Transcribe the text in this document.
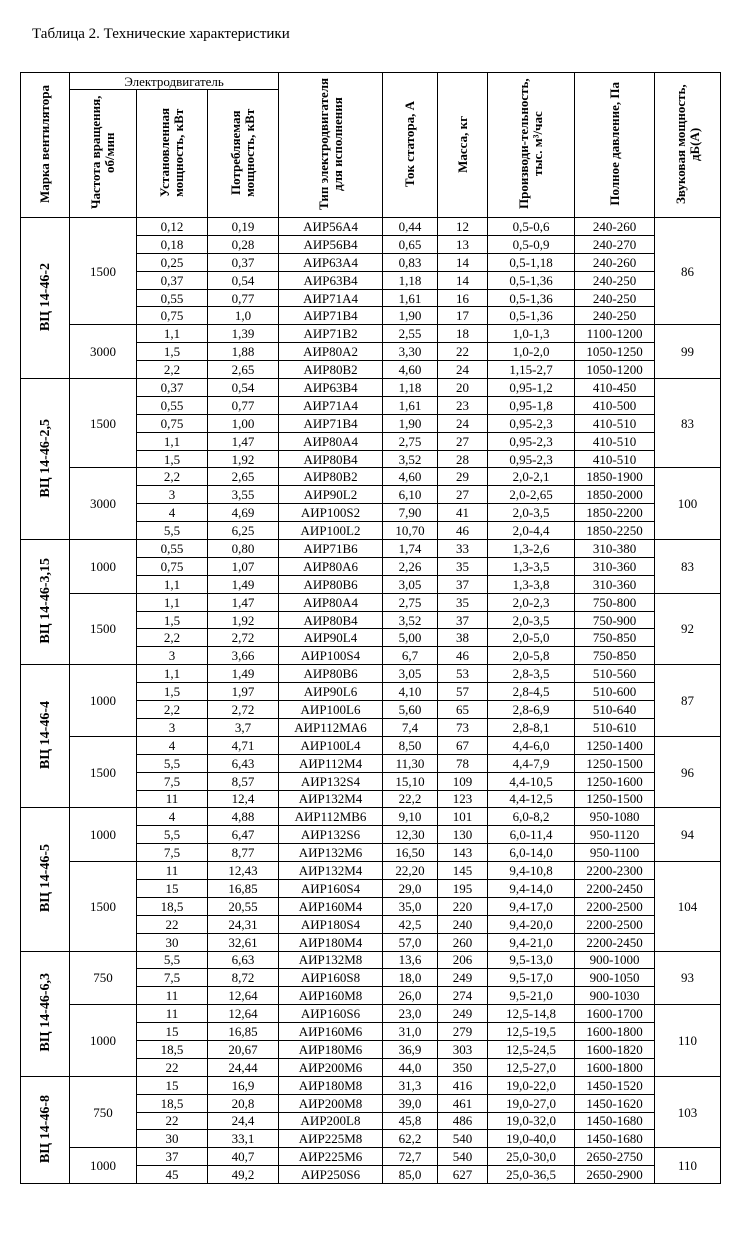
Таблица 2. Технические характеристики
Марка вентилятора	Электродвигатель			Тип электродвигателя для исполнения	Ток статора, А	Масса, кг	Производи-тельность, тыс. м³/час	Полное давление, Па	Звуковая мощность, дБ(А)
	Частота вращения, об/мин	Установленная мощность, кВт	Потребляемая мощность, кВт						
ВЦ 14-46-2	1500	0,12	0,19	АИР56А4	0,44	12	0,5-0,6	240-260	86
		0,18	0,28	АИР56В4	0,65	13	0,5-0,9	240-270	
		0,25	0,37	АИР63А4	0,83	14	0,5-1,18	240-260	
		0,37	0,54	АИР63В4	1,18	14	0,5-1,36	240-250	
		0,55	0,77	АИР71А4	1,61	16	0,5-1,36	240-250	
		0,75	1,0	АИР71В4	1,90	17	0,5-1,36	240-250	
	3000	1,1	1,39	АИР71В2	2,55	18	1,0-1,3	1100-1200	99
		1,5	1,88	АИР80А2	3,30	22	1,0-2,0	1050-1250	
		2,2	2,65	АИР80В2	4,60	24	1,15-2,7	1050-1200	
ВЦ 14-46-2,5	1500	0,37	0,54	АИР63В4	1,18	20	0,95-1,2	410-450	83
		0,55	0,77	АИР71А4	1,61	23	0,95-1,8	410-500	
		0,75	1,00	АИР71В4	1,90	24	0,95-2,3	410-510	
		1,1	1,47	АИР80А4	2,75	27	0,95-2,3	410-510	
		1,5	1,92	АИР80В4	3,52	28	0,95-2,3	410-510	
	3000	2,2	2,65	АИР80В2	4,60	29	2,0-2,1	1850-1900	100
		3	3,55	АИР90L2	6,10	27	2,0-2,65	1850-2000	
		4	4,69	АИР100S2	7,90	41	2,0-3,5	1850-2200	
		5,5	6,25	АИР100L2	10,70	46	2,0-4,4	1850-2250	
ВЦ 14-46-3,15	1000	0,55	0,80	АИР71В6	1,74	33	1,3-2,6	310-380	83
		0,75	1,07	АИР80А6	2,26	35	1,3-3,5	310-360	
		1,1	1,49	АИР80В6	3,05	37	1,3-3,8	310-360	
	1500	1,1	1,47	АИР80А4	2,75	35	2,0-2,3	750-800	92
		1,5	1,92	АИР80В4	3,52	37	2,0-3,5	750-900	
		2,2	2,72	АИР90L4	5,00	38	2,0-5,0	750-850	
		3	3,66	АИР100S4	6,7	46	2,0-5,8	750-850	
ВЦ 14-46-4	1000	1,1	1,49	АИР80В6	3,05	53	2,8-3,5	510-560	87
		1,5	1,97	АИР90L6	4,10	57	2,8-4,5	510-600	
		2,2	2,72	АИР100L6	5,60	65	2,8-6,9	510-640	
		3	3,7	АИР112МА6	7,4	73	2,8-8,1	510-610	
	1500	4	4,71	АИР100L4	8,50	67	4,4-6,0	1250-1400	96
		5,5	6,43	АИР112М4	11,30	78	4,4-7,9	1250-1500	
		7,5	8,57	АИР132S4	15,10	109	4,4-10,5	1250-1600	
		11	12,4	АИР132М4	22,2	123	4,4-12,5	1250-1500	
ВЦ 14-46-5	1000	4	4,88	АИР112МВ6	9,10	101	6,0-8,2	950-1080	94
		5,5	6,47	АИР132S6	12,30	130	6,0-11,4	950-1120	
		7,5	8,77	АИР132М6	16,50	143	6,0-14,0	950-1100	
	1500	11	12,43	АИР132М4	22,20	145	9,4-10,8	2200-2300	104
		15	16,85	АИР160S4	29,0	195	9,4-14,0	2200-2450	
		18,5	20,55	АИР160М4	35,0	220	9,4-17,0	2200-2500	
		22	24,31	АИР180S4	42,5	240	9,4-20,0	2200-2500	
		30	32,61	АИР180М4	57,0	260	9,4-21,0	2200-2450	
ВЦ 14-46-6,3	750	5,5	6,63	АИР132М8	13,6	206	9,5-13,0	900-1000	93
		7,5	8,72	АИР160S8	18,0	249	9,5-17,0	900-1050	
		11	12,64	АИР160М8	26,0	274	9,5-21,0	900-1030	
	1000	11	12,64	АИР160S6	23,0	249	12,5-14,8	1600-1700	110
		15	16,85	АИР160М6	31,0	279	12,5-19,5	1600-1800	
		18,5	20,67	АИР180М6	36,9	303	12,5-24,5	1600-1820	
		22	24,44	АИР200М6	44,0	350	12,5-27,0	1600-1800	
ВЦ 14-46-8	750	15	16,9	АИР180М8	31,3	416	19,0-22,0	1450-1520	103
		18,5	20,8	АИР200М8	39,0	461	19,0-27,0	1450-1620	
		22	24,4	АИР200L8	45,8	486	19,0-32,0	1450-1680	
		30	33,1	АИР225М8	62,2	540	19,0-40,0	1450-1680	
	1000	37	40,7	АИР225М6	72,7	540	25,0-30,0	2650-2750	110
		45	49,2	АИР250S6	85,0	627	25,0-36,5	2650-2900	
